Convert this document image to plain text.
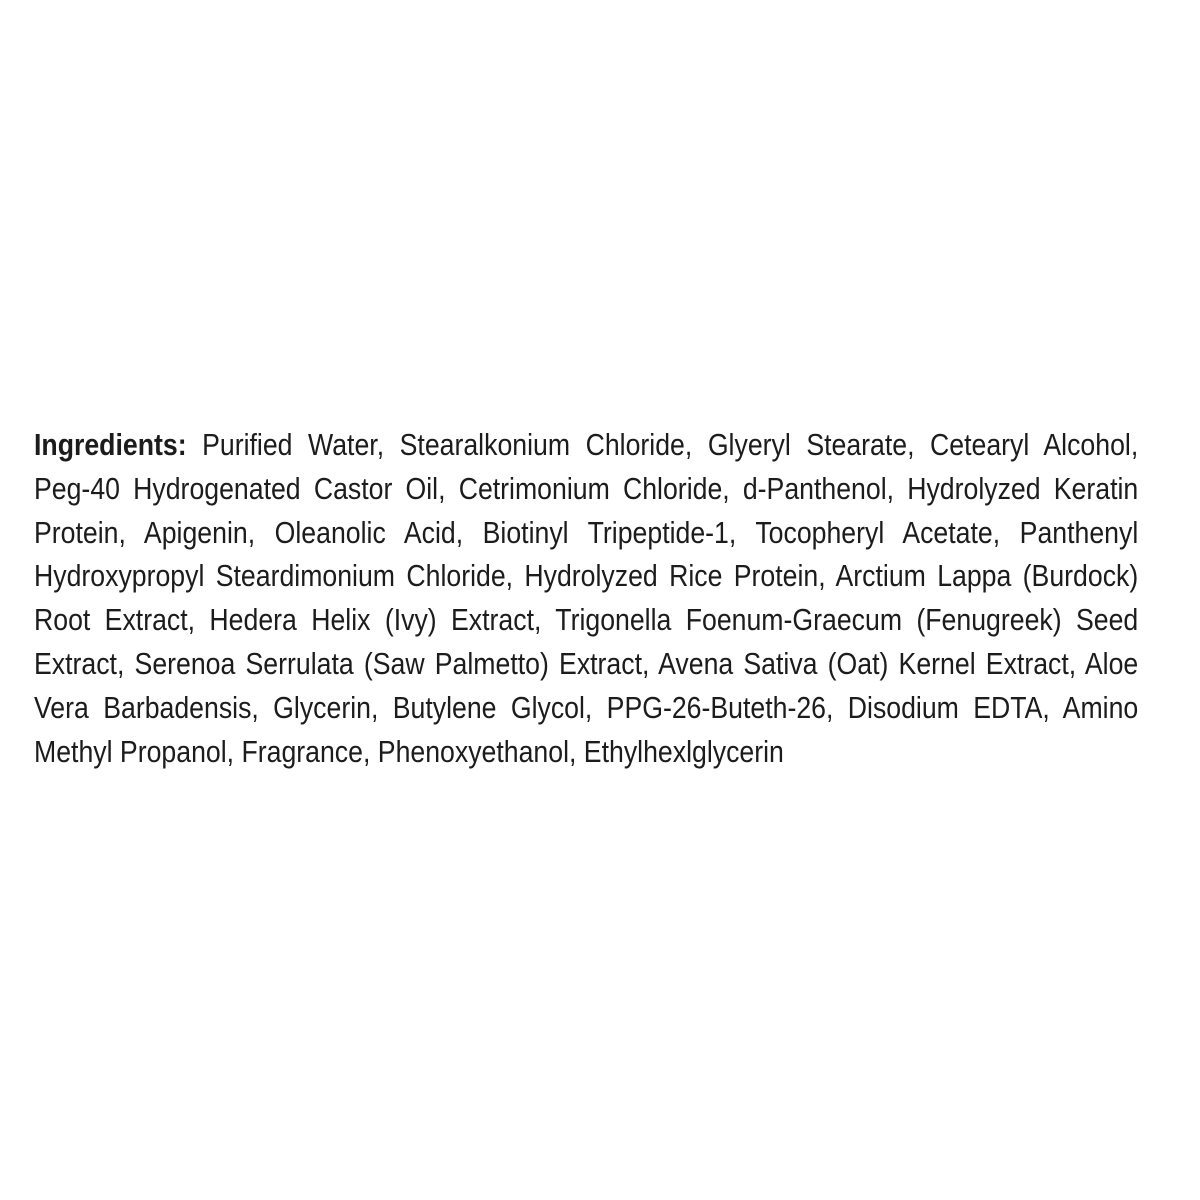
Ingredients: Purified Water, Stearalkonium Chloride, Glyeryl Stearate, Cetearyl Alcohol,
Peg-40 Hydrogenated Castor Oil, Cetrimonium Chloride, d-Panthenol, Hydrolyzed Keratin
Protein, Apigenin, Oleanolic Acid, Biotinyl Tripeptide-1, Tocopheryl Acetate, Panthenyl
Hydroxypropyl Steardimonium Chloride, Hydrolyzed Rice Protein, Arctium Lappa (Burdock)
Root Extract, Hedera Helix (Ivy) Extract, Trigonella Foenum-Graecum (Fenugreek) Seed
Extract, Serenoa Serrulata (Saw Palmetto) Extract, Avena Sativa (Oat) Kernel Extract, Aloe
Vera Barbadensis, Glycerin, Butylene Glycol, PPG-26-Buteth-26, Disodium EDTA, Amino
Methyl Propanol, Fragrance, Phenoxyethanol, Ethylhexlglycerin
